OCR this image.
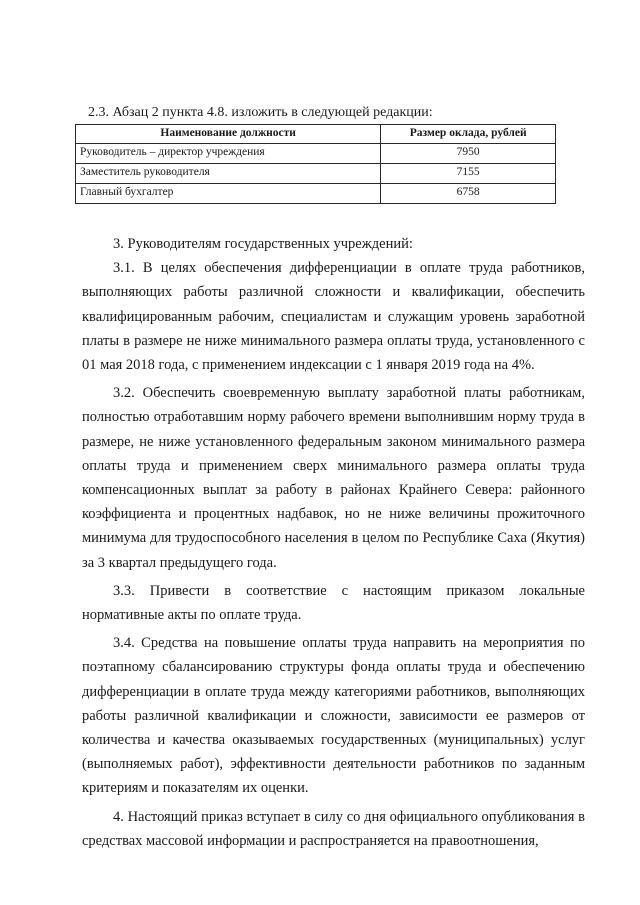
2.3. Абзац 2 пункта 4.8. изложить в следующей редакции:
Наименование должности	Размер оклада, рублей
Руководитель – директор учреждения	7950
Заместитель руководителя	7155
Главный бухгалтер	6758

3. Руководителям государственных учреждений:

3.1. В целях обеспечения дифференциации в оплате труда работников, выполняющих работы различной сложности и квалификации, обеспечить квалифицированным рабочим, специалистам и служащим уровень заработной платы в размере не ниже минимального размера оплаты труда, установленного с 01 мая 2018 года, с применением индексации с 1 января 2019 года на 4%.

3.2. Обеспечить своевременную выплату заработной платы работникам, полностью отработавшим норму рабочего времени выполнившим норму труда в размере, не ниже установленного федеральным законом минимального размера оплаты труда и применением сверх минимального размера оплаты труда компенсационных выплат за работу в районах Крайнего Севера: районного коэффициента и процентных надбавок, но не ниже величины прожиточного минимума для трудоспособного населения в целом по Республике Саха (Якутия) за 3 квартал предыдущего года.

3.3. Привести в соответствие с настоящим приказом локальные нормативные акты по оплате труда.

3.4. Средства на повышение оплаты труда направить на мероприятия по поэтапному сбалансированию структуры фонда оплаты труда и обеспечению дифференциации в оплате труда между категориями работников, выполняющих работы различной квалификации и сложности, зависимости ее размеров от количества и качества оказываемых государственных (муниципальных) услуг (выполняемых работ), эффективности деятельности работников по заданным критериям и показателям их оценки.

4. Настоящий приказ вступает в силу со дня официального опубликования в средствах массовой информации и распространяется на правоотношения,
